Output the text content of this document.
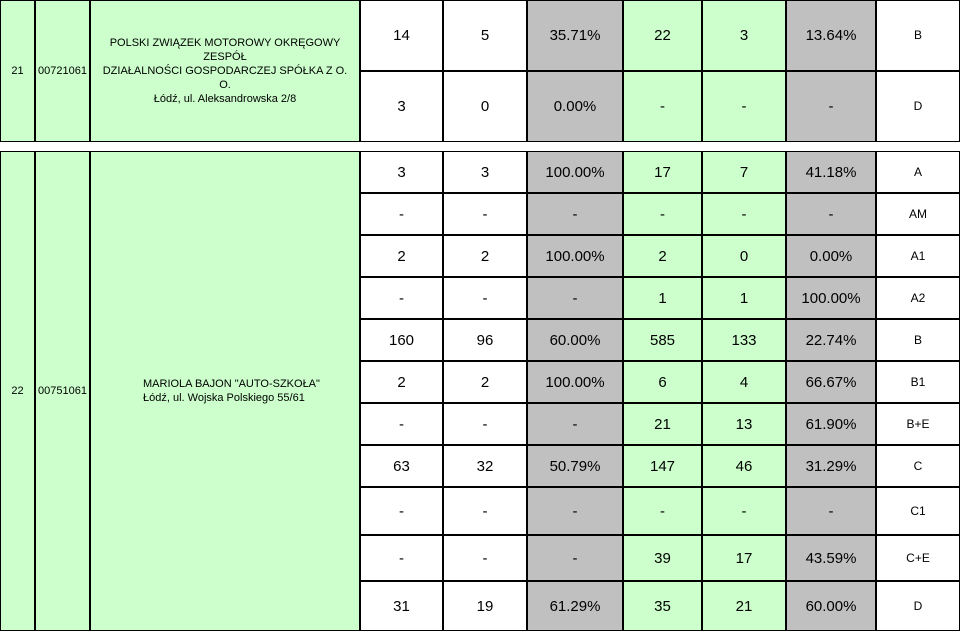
21	00721061
POLSKI ZWIĄZEK MOTOROWY OKRĘGOWY ZESPÓŁ
DZIAŁALNOŚCI GOSPODARCZEJ SPÓŁKA Z O. O.
Łódź, ul. Aleksandrowska 2/8
14	5	35.71%	22	3	13.64%	B
3	0	0.00%	-	-	-	D
22	00751061
MARIOLA BAJON "AUTO-SZKOŁA"
Łódź, ul. Wojska Polskiego 55/61
3	3	100.00%	17	7	41.18%	A
-	-	-	-	-	-	AM
2	2	100.00%	2	0	0.00%	A1
-	-	-	1	1	100.00%	A2
160	96	60.00%	585	133	22.74%	B
2	2	100.00%	6	4	66.67%	B1
-	-	-	21	13	61.90%	B+E
63	32	50.79%	147	46	31.29%	C
-	-	-	-	-	-	C1
-	-	-	39	17	43.59%	C+E
31	19	61.29%	35	21	60.00%	D
